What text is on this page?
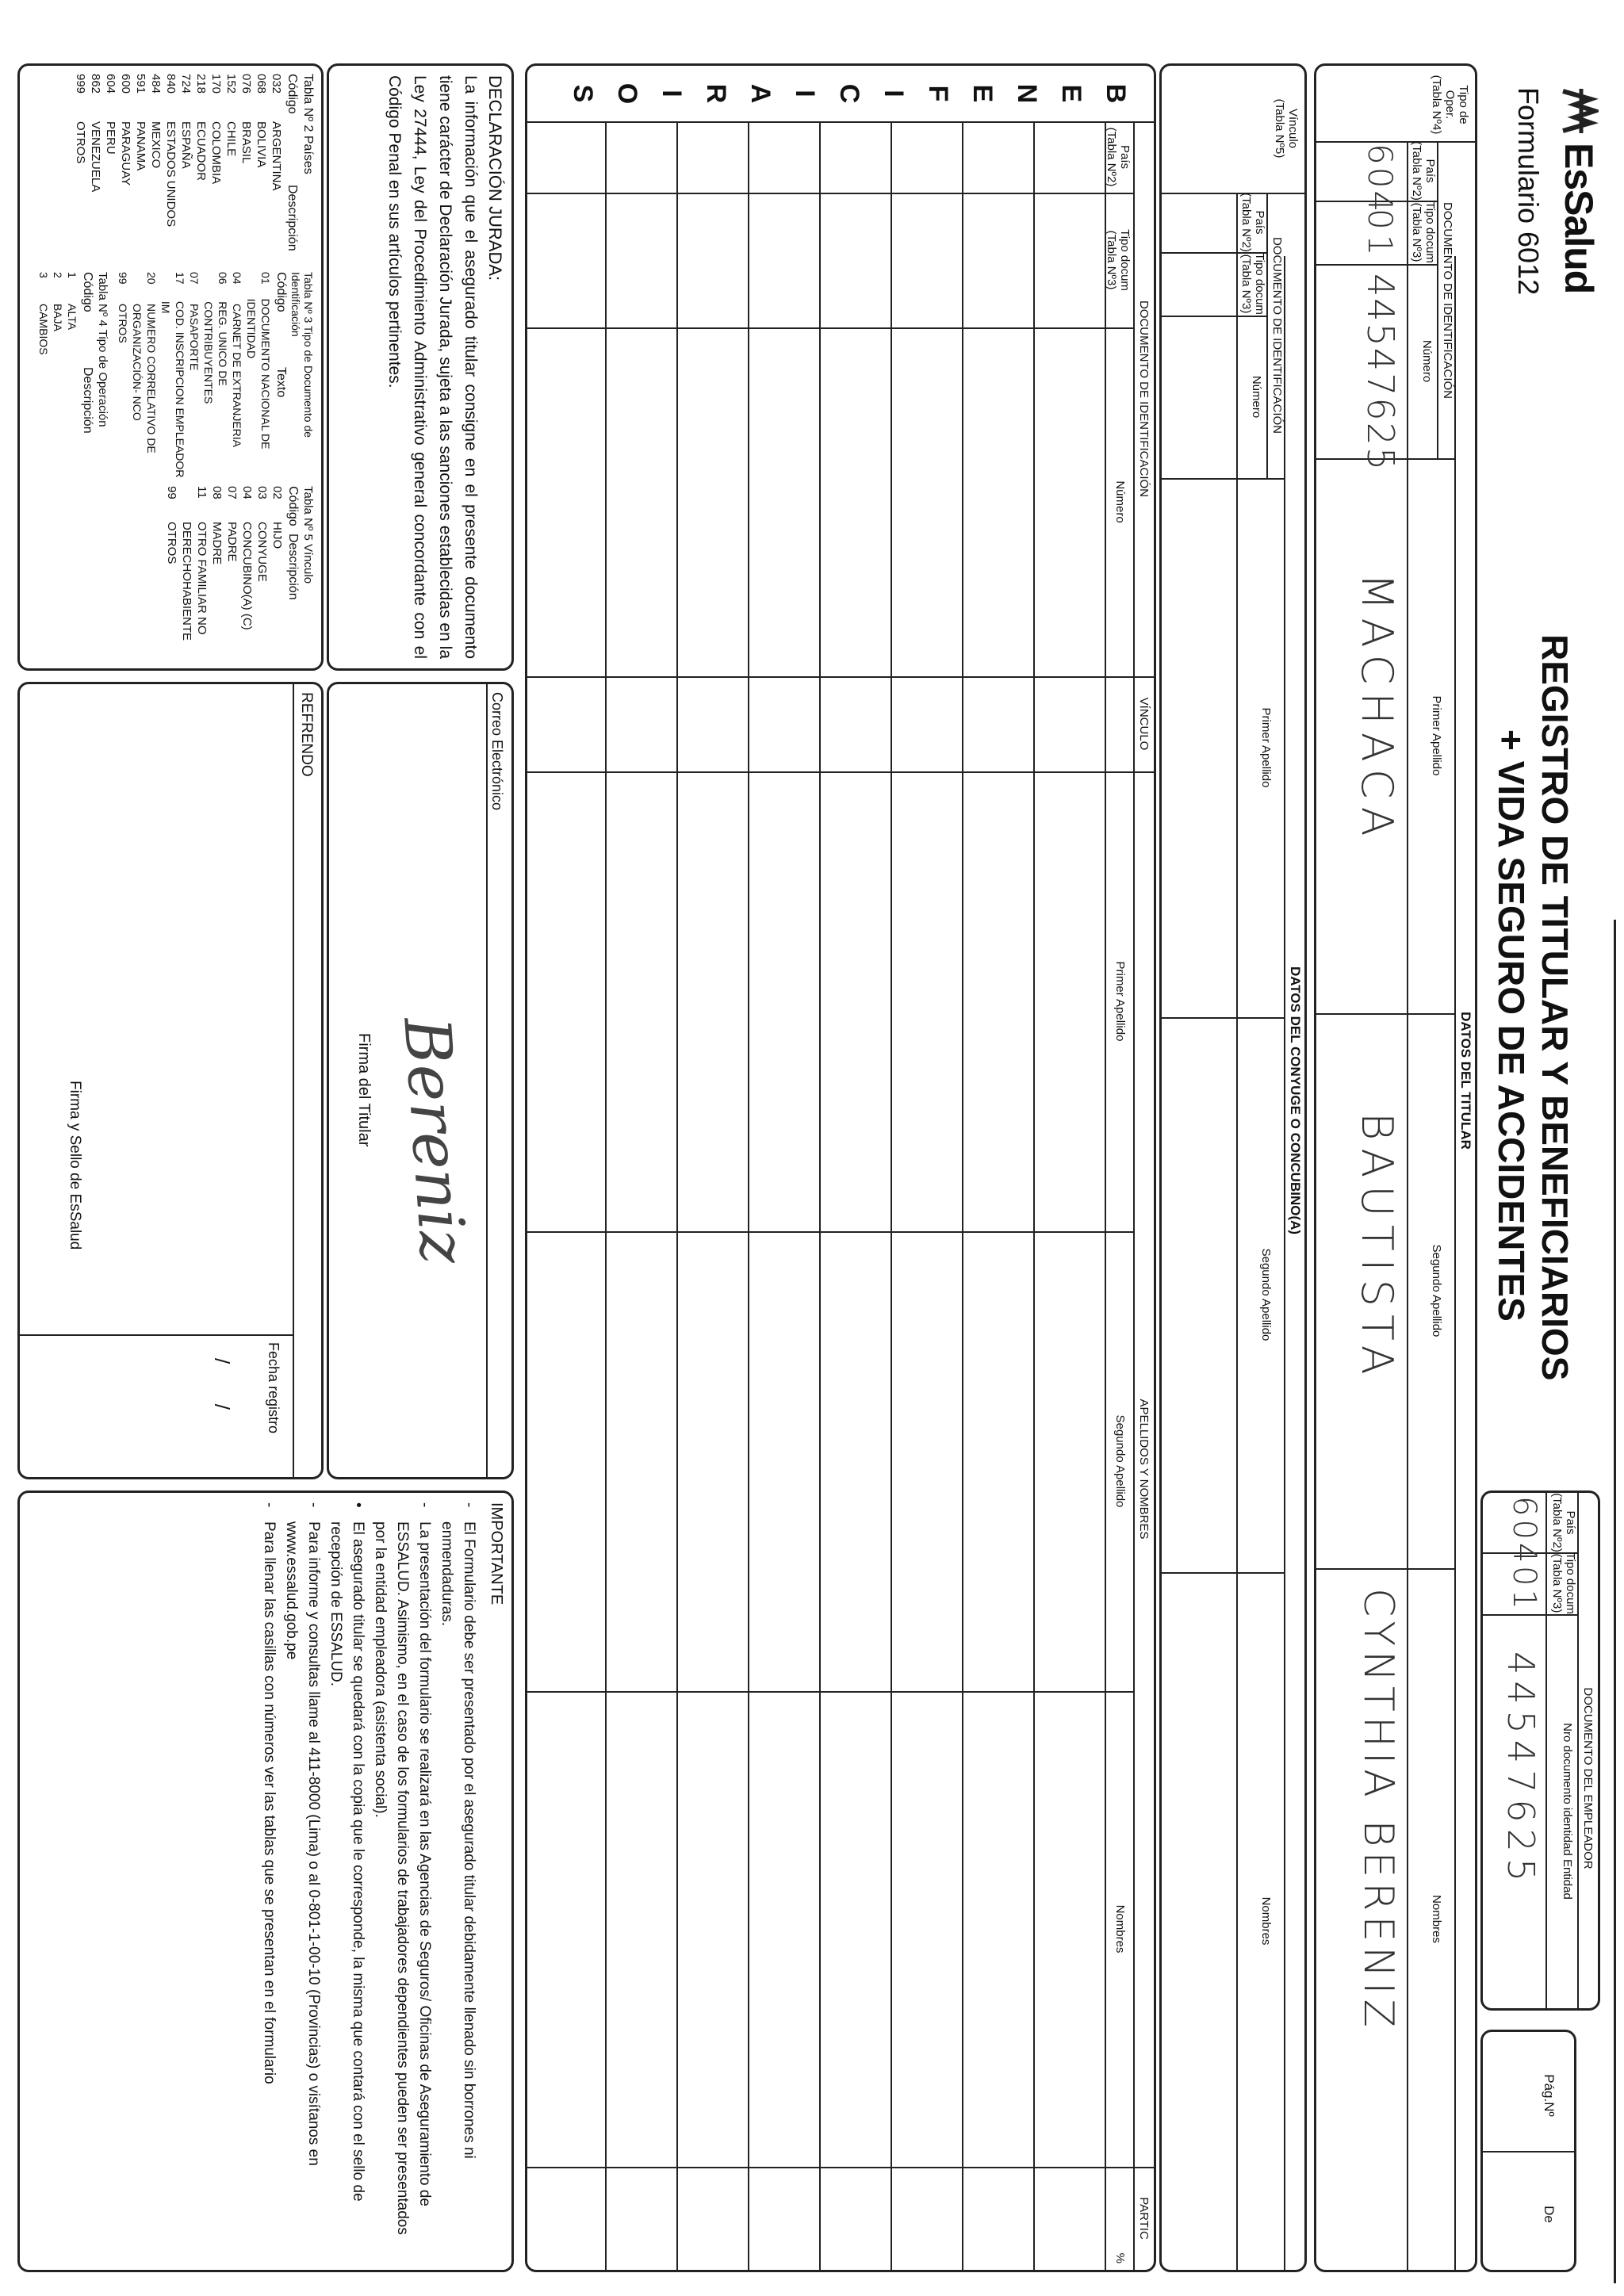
EsSalud
Formulario 6012
REGISTRO DE TITULAR Y BENEFICIARIOS
+ VIDA SEGURO DE ACCIDENTES
DOCUMENTO DEL EMPLEADOR
País
(Tabla Nº2)
Tipo docum
(Tabla Nº3)
Nro documento identidad Entidad
604
01
44547625
Pág.Nº
De
DATOS DEL TITULAR
Tipo de Oper.
(Tabla Nº4)
DOCUMENTO DE IDENTIFICACIÓN
País
(Tabla Nº2)
Tipo docum
(Tabla Nº3)
Número
Primer Apellido
Segundo Apellido
Nombres
604
01
44547625
MACHACA
BAUTISTA
CYNTHIA BERENIZ
DATOS DEL CONYUGE O CONCUBINO(A)
Vínculo
(Tabla Nº5)
DOCUMENTO DE IDENTIFICACIÓN
País
(Tabla Nº2)
Tipo docum
(Tabla Nº3)
Número
Primer Apellido
Segundo Apellido
Nombres
DOCUMENTO DE IDENTIFICACIÓN
VÍNCULO
APELLIDOS Y NOMBRES
PARTIC
País
(Tabla Nº2)
Tipo docum
(Tabla Nº3)
Número
Primer Apellido
Segundo Apellido
Nombres
%
B
E
N
E
F
I
C
I
A
R
I
O
S
DECLARACIÓN JURADA:
La información que el asegurado titular consigne en el presente documento tiene carácter de Declaración Jurada, sujeta a las sanciones establecidas en la Ley 27444, Ley del Procedimiento Administrativo general concordante con el Código Penal en sus artículos pertinentes.
Correo Electrónico
Bereniz
Firma del Titular
IMPORTANTE
-
El Formulario debe ser presentado por el asegurado titular debidamente llenado sin borrones ni enmendaduras.
-
La presentación del formulario se realizará en las Agencias de Seguros/ Oficinas de Aseguramiento de ESSALUD. Asimismo, en el caso de los formularios de trabajadores dependientes pueden ser presentados por la entidad empleadora (asistenta social).
•
El asegurado titular se quedará con la copia que le corresponde, la misma que contará con el sello de recepción de ESSALUD.
-
Para informe y consultas llame al 411-8000 (Lima) o al 0-801-1-00-10 (Provincias) o visítanos en www.essalud.gob.pe
-
Para llenar las casillas con números ver las tablas que se presentan en el formulario
REFRENDO
Firma y Sello de EsSalud
Fecha registro
/       /
Tabla Nº 2 Países
Código
Descripción
032
ARGENTINA
068
BOLIVIA
076
BRASIL
152
CHILE
170
COLOMBIA
218
ECUADOR
724
ESPAÑA
840
ESTADOS UNIDOS
484
MEXICO
591
PANAMA
600
PARAGUAY
604
PERU
862
VENEZUELA
999
OTROS
Tabla Nº 3 Tipo de Documento de Identificación
Código
Texto
01
DOCUMENTO NACIONAL DE IDENTIDAD
04
CARNET DE EXTRANJERIA
06
REG. UNICO DE CONTRIBUYENTES
07
PASAPORTE
17
COD. INSCRIPCION EMPLEADOR IM
20
NUMERO CORRELATIVO DE
ORGANIZACIÓN- NCO
99
OTROS
Tabla Nº 4 Tipo de Operación
Código
Descripción
1
ALTA
2
BAJA
3
CAMBIOS
Tabla Nº 5 Vínculo
Código
Descripción
02
HIJO
03
CONYUGE
04
CONCUBINO(A) (C)
07
PADRE
08
MADRE
11
OTRO FAMILIAR NO
DERECHOHABIENTE
99
OTROS
